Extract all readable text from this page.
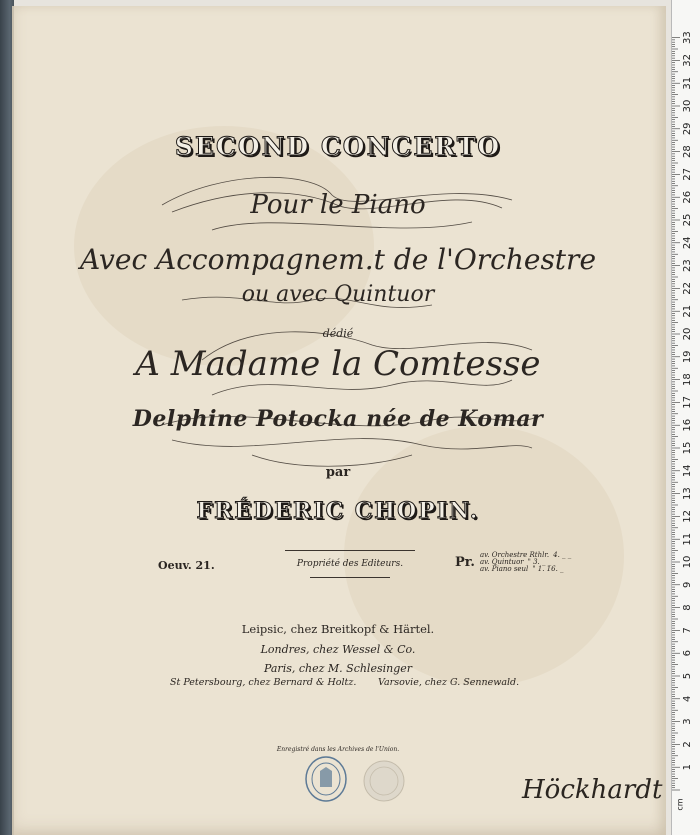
SECOND CONCERTO
Pour le Piano
Avec Accompagnem.t de l'Orchestre
ou avec Quintuor
dédié
A Madame la Comtesse
Delphine Potocka née de Komar
par
FRÉDERIC CHOPIN.
Oeuv. 21.	Propriété des Editeurs.	Pr. av. Orchestre Rthlr. 4. _ _
av. Quintuor " 3. _ _
av. Piano seul " 1. 16. _
Leipsic, chez Breitkopf & Härtel.
Londres, chez Wessel & Co.
Paris, chez M. Schlesinger
St Petersbourg, chez Bernard & Holtz. Varsovie, chez G. Sennewald.
Enregistré dans les Archives de l'Union.
Höckhardt
1
2
3
4
5
6
7
8
9
10
11
12
13
14
15
16
17
18
19
20
21
22
23
24
25
26
27
28
29
30
31
32
33
cm
